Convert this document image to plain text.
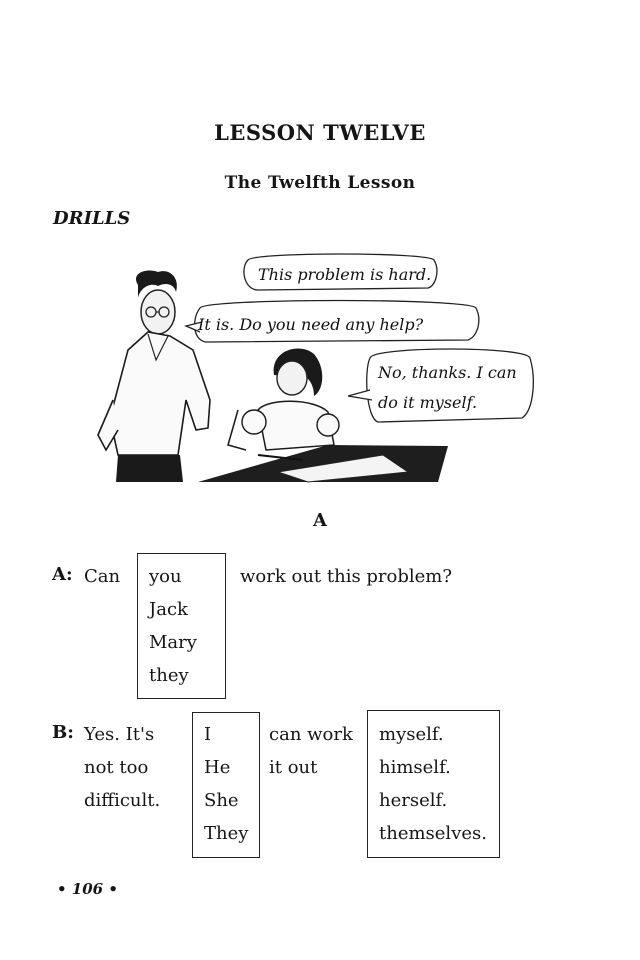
LESSON TWELVE
The Twelfth Lesson
DRILLS
This problem is hard.
It is. Do you need any help?
No, thanks. I can
do it myself.
A
A: Can you
Jack
Mary
they
work out this problem?
B: Yes. It's
not too
difficult.
I
He
She
They
can work
it out
myself.
himself.
herself.
themselves.
• 106 •
